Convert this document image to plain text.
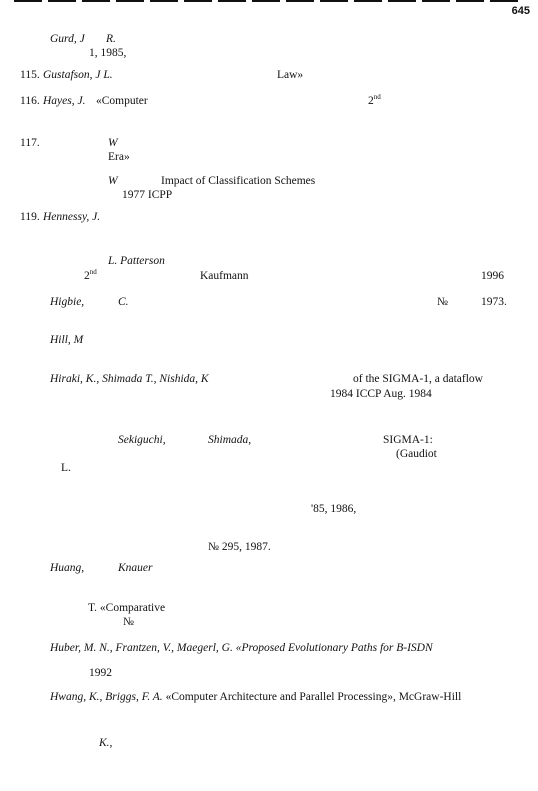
645
Gurd, J R.
1, 1985,
115. Gustafson, J L.	Law»
116. Hayes, J. «Computer	2nd
117.	W
Era»
W	Impact of Classification Schemes
1977 ICPP
119. Hennessy, J.
L. Patterson
2nd	Kaufmann	1996
Higbie,	C.	№	1973.
Hill, M
Hiraki, K., Shimada T., Nishida, K	of the SIGMA-1, a dataflow
1984 ICCP Aug. 1984
Sekiguchi,	Shimada,	SIGMA-1:
(Gaudiot
L.
'85, 1986,
№ 295, 1987.
Huang,	Knauer
T. «Comparative
№
Huber, M. N., Frantzen, V., Maegerl, G. «Proposed Evolutionary Paths for B-ISDN
1992
Hwang, K., Briggs, F. A. «Computer Architecture and Parallel Processing», McGraw-Hill
K.,
